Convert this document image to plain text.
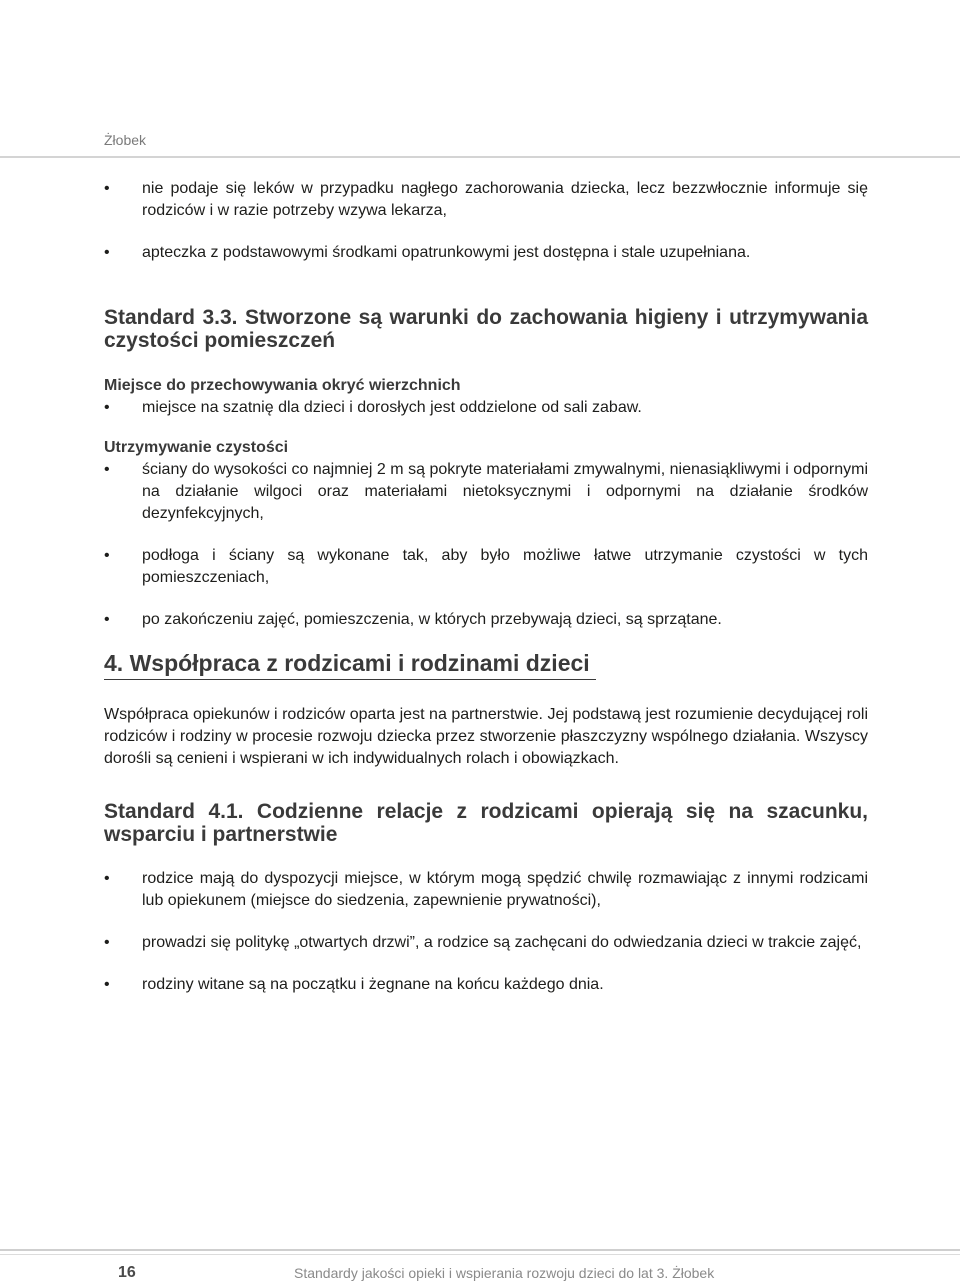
Żłobek
• nie podaje się leków w przypadku nagłego zachorowania dziecka, lecz bezzwłocznie informuje się rodziców i w razie potrzeby wzywa lekarza,
• apteczka z podstawowymi środkami opatrunkowymi jest dostępna i stale uzupełniana.
Standard 3.3. Stworzone są warunki do zachowania higieny i utrzymywania czystości pomieszczeń
Miejsce do przechowywania okryć wierzchnich
• miejsce na szatnię dla dzieci i dorosłych jest oddzielone od sali zabaw.
Utrzymywanie czystości
• ściany do wysokości co najmniej 2 m są pokryte materiałami zmywalnymi, nienasiąkliwymi i odpornymi na działanie wilgoci oraz materiałami nietoksycznymi i odpornymi na działanie środków dezynfekcyjnych,
• podłoga i ściany są wykonane tak, aby było możliwe łatwe utrzymanie czystości w tych pomieszczeniach,
• po zakończeniu zajęć, pomieszczenia, w których przebywają dzieci, są sprzątane.
4. Współpraca z rodzicami i rodzinami dzieci

Współpraca opiekunów i rodziców oparta jest na partnerstwie. Jej podstawą jest rozumienie decydującej roli rodziców i rodziny w procesie rozwoju dziecka przez stworzenie płaszczyzny wspólnego działania. Wszyscy dorośli są cenieni i wspierani w ich indywidualnych rolach i obowiązkach.

Standard 4.1. Codzienne relacje z rodzicami opierają się na szacunku, wsparciu i partnerstwie
• rodzice mają do dyspozycji miejsce, w którym mogą spędzić chwilę rozmawiając z innymi rodzicami lub opiekunem (miejsce do siedzenia, zapewnienie prywatności),
• prowadzi się politykę „otwartych drzwi”, a rodzice są zachęcani do odwiedzania dzieci w trakcie zajęć,
• rodziny witane są na początku i żegnane na końcu każdego dnia.
16	Standardy jakości opieki i wspierania rozwoju dzieci do lat 3. Żłobek
